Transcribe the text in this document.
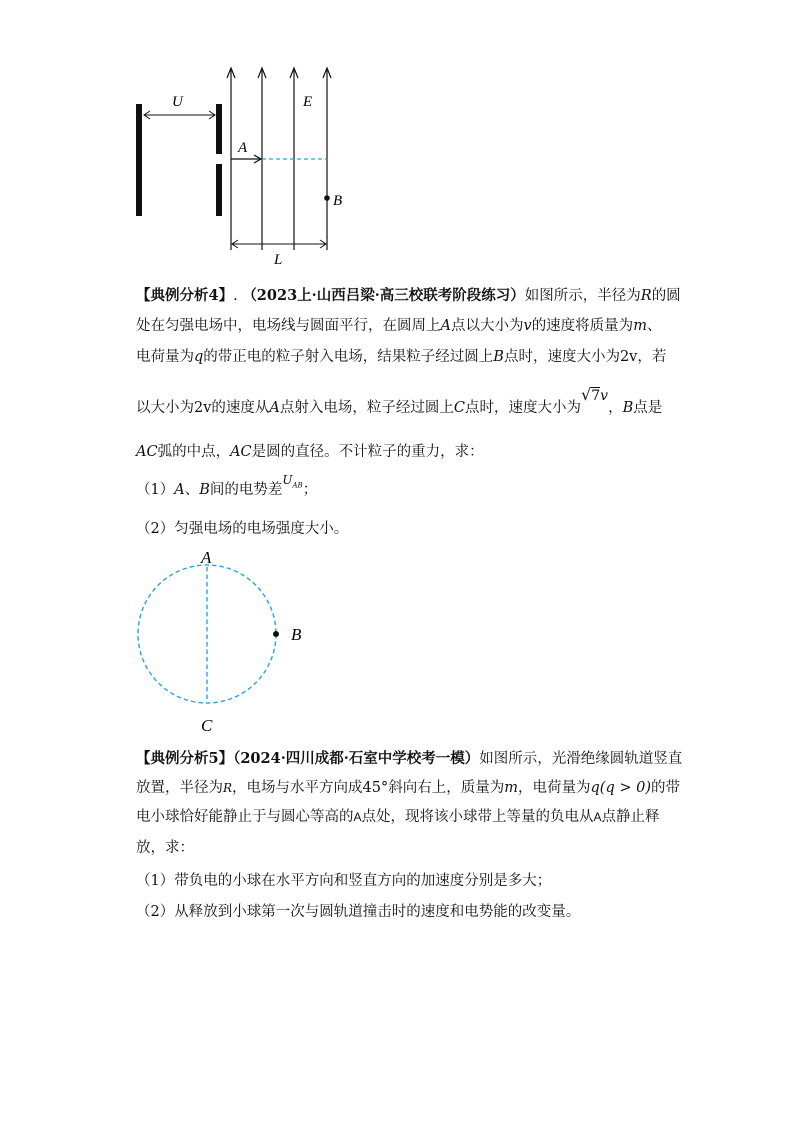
U	E
A
B
L
【典例分析4】. （2023上·山西吕梁·高三校联考阶段练习）如图所示，半径为R的圆
处在匀强电场中，电场线与圆面平行，在圆周上A点以大小为v的速度将质量为m、
电荷量为q的带正电的粒子射入电场，结果粒子经过圆上B点时，速度大小为2v，若
以大小为2v的速度从A点射入电场，粒子经过圆上C点时，速度大小为√7v，B点是
AC弧的中点，AC是圆的直径。不计粒子的重力，求：
（1）A、B间的电势差$U_{AB}$；
（2）匀强电场的电场强度大小。
A
B
C
【典例分析5】（2024·四川成都·石室中学校考一模）如图所示，光滑绝缘圆轨道竖直
放置，半径为R，电场与水平方向成45°斜向右上，质量为m，电荷量为q(q > 0)的带
电小球恰好能静止于与圆心等高的A点处，现将该小球带上等量的负电从A点静止释
放，求：
（1）带负电的小球在水平方向和竖直方向的加速度分别是多大；
（2）从释放到小球第一次与圆轨道撞击时的速度和电势能的改变量。
